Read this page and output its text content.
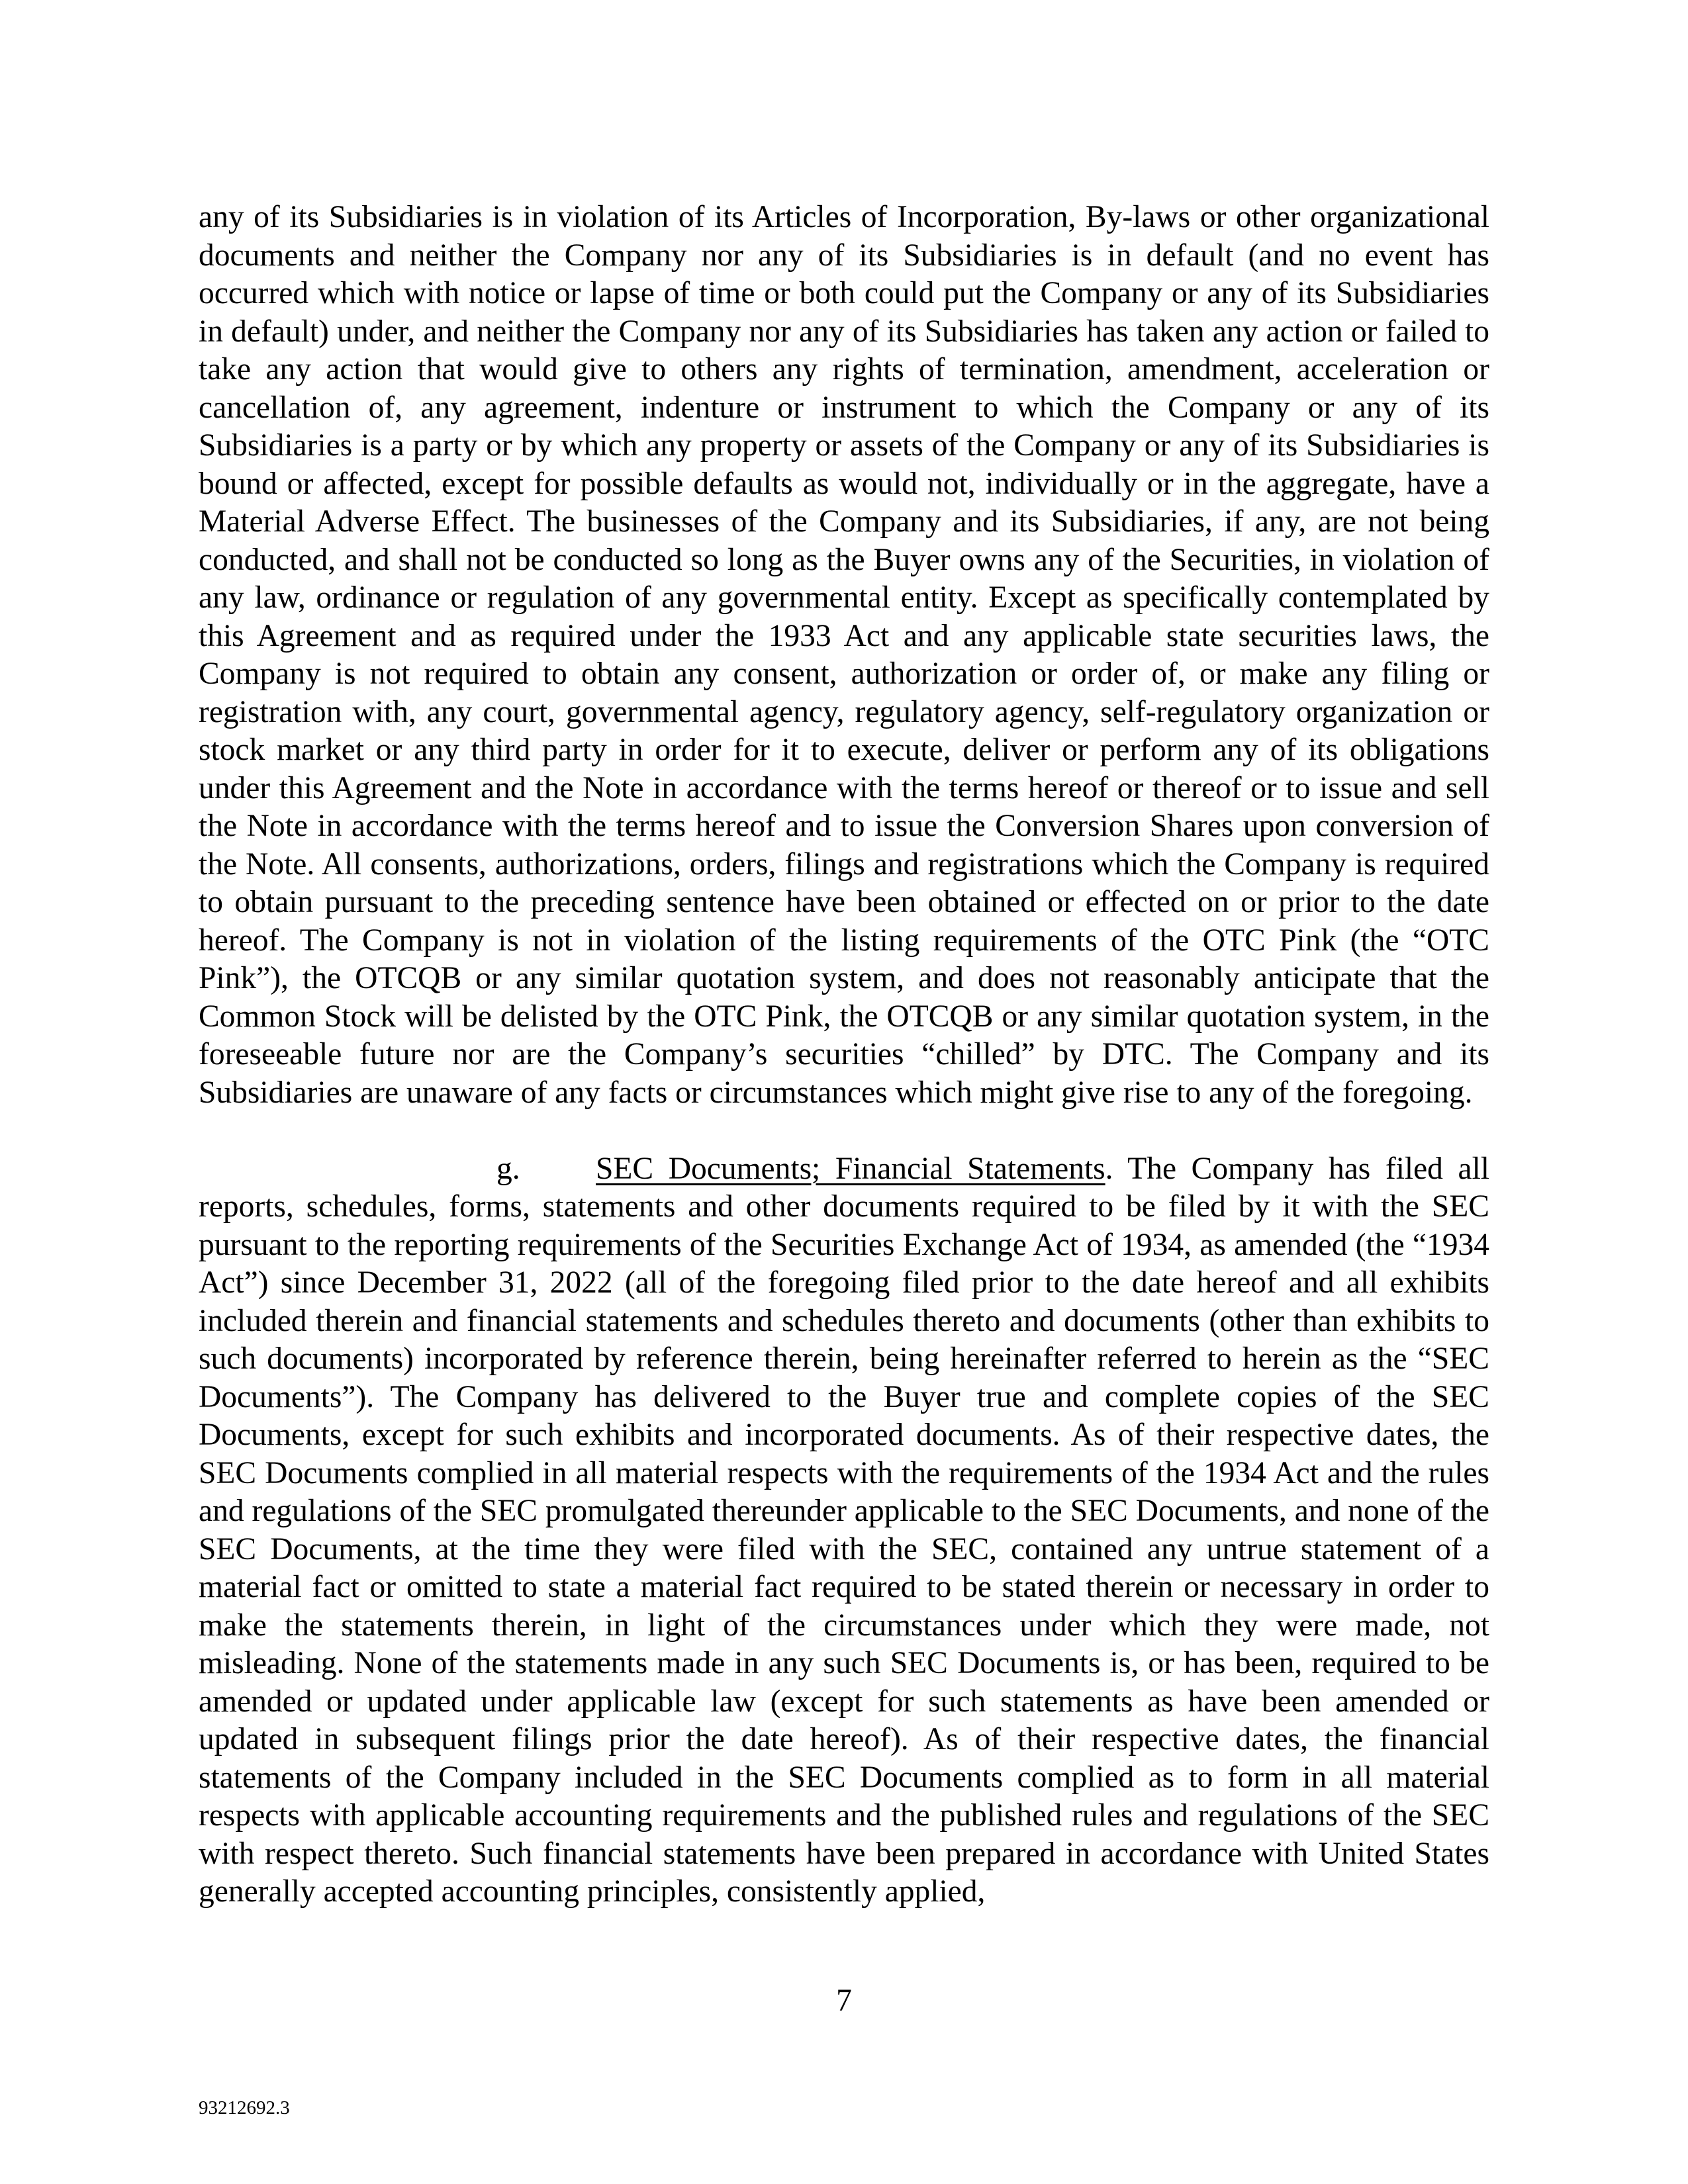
any of its Subsidiaries is in violation of its Articles of Incorporation, By-laws or other organizational documents and neither the Company nor any of its Subsidiaries is in default (and no event has occurred which with notice or lapse of time or both could put the Company or any of its Subsidiaries in default) under, and neither the Company nor any of its Subsidiaries has taken any action or failed to take any action that would give to others any rights of termination, amendment, acceleration or cancellation of, any agreement, indenture or instrument to which the Company or any of its Subsidiaries is a party or by which any property or assets of the Company or any of its Subsidiaries is bound or affected, except for possible defaults as would not, individually or in the aggregate, have a Material Adverse Effect. The businesses of the Company and its Subsidiaries, if any, are not being conducted, and shall not be conducted so long as the Buyer owns any of the Securities, in violation of any law, ordinance or regulation of any governmental entity. Except as specifically contemplated by this Agreement and as required under the 1933 Act and any applicable state securities laws, the Company is not required to obtain any consent, authorization or order of, or make any filing or registration with, any court, governmental agency, regulatory agency, self-regulatory organization or stock market or any third party in order for it to execute, deliver or perform any of its obligations under this Agreement and the Note in accordance with the terms hereof or thereof or to issue and sell the Note in accordance with the terms hereof and to issue the Conversion Shares upon conversion of the Note. All consents, authorizations, orders, filings and registrations which the Company is required to obtain pursuant to the preceding sentence have been obtained or effected on or prior to the date hereof. The Company is not in violation of the listing requirements of the OTC Pink (the “OTC Pink”), the OTCQB or any similar quotation system, and does not reasonably anticipate that the Common Stock will be delisted by the OTC Pink, the OTCQB or any similar quotation system, in the foreseeable future nor are the Company’s securities “chilled” by DTC. The Company and its Subsidiaries are unaware of any facts or circumstances which might give rise to any of the foregoing.

g. SEC Documents; Financial Statements. The Company has filed all reports, schedules, forms, statements and other documents required to be filed by it with the SEC pursuant to the reporting requirements of the Securities Exchange Act of 1934, as amended (the “1934 Act”) since December 31, 2022 (all of the foregoing filed prior to the date hereof and all exhibits included therein and financial statements and schedules thereto and documents (other than exhibits to such documents) incorporated by reference therein, being hereinafter referred to herein as the “SEC Documents”). The Company has delivered to the Buyer true and complete copies of the SEC Documents, except for such exhibits and incorporated documents. As of their respective dates, the SEC Documents complied in all material respects with the requirements of the 1934 Act and the rules and regulations of the SEC promulgated thereunder applicable to the SEC Documents, and none of the SEC Documents, at the time they were filed with the SEC, contained any untrue statement of a material fact or omitted to state a material fact required to be stated therein or necessary in order to make the statements therein, in light of the circumstances under which they were made, not misleading. None of the statements made in any such SEC Documents is, or has been, required to be amended or updated under applicable law (except for such statements as have been amended or updated in subsequent filings prior the date hereof). As of their respective dates, the financial statements of the Company included in the SEC Documents complied as to form in all material respects with applicable accounting requirements and the published rules and regulations of the SEC with respect thereto. Such financial statements have been prepared in accordance with United States generally accepted accounting principles, consistently applied,

7
93212692.3
